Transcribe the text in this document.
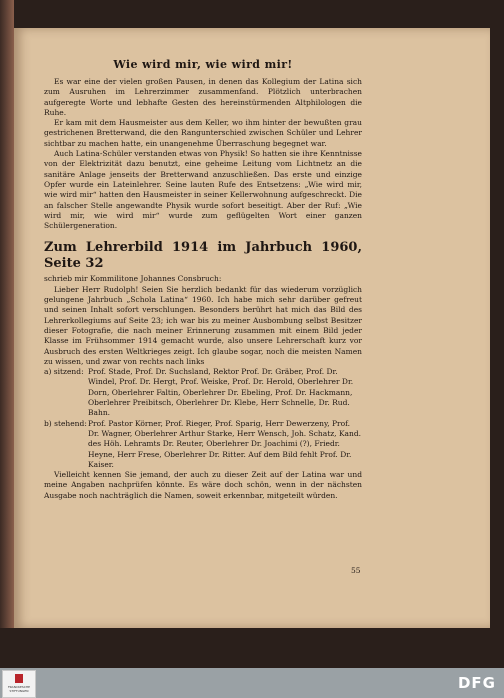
Wie wird mir, wie wird mir!

Es war eine der vielen großen Pausen, in denen das Kollegium der Latina sich zum Ausruhen im Lehrerzimmer zusammenfand. Plötzlich unterbrachen aufgeregte Worte und lebhafte Gesten des hereinstürmenden Altphilologen die Ruhe.

Er kam mit dem Hausmeister aus dem Keller, wo ihm hinter der bewußten grau gestrichenen Bretterwand, die den Rangunterschied zwischen Schüler und Lehrer sichtbar zu machen hatte, ein unangenehme Überraschung begegnet war.

Auch Latina-Schüler verstanden etwas von Physik! So hatten sie ihre Kenntnisse von der Elektrizität dazu benutzt, eine geheime Leitung vom Lichtnetz an die sanitäre Anlage jenseits der Bretterwand anzuschließen. Das erste und einzige Opfer wurde ein Lateinlehrer. Seine lauten Rufe des Entsetzens: „Wie wird mir, wie wird mir“ hatten den Hausmeister in seiner Kellerwohnung aufgeschreckt. Die an falscher Stelle angewandte Physik wurde sofort beseitigt. Aber der Ruf: „Wie wird mir, wie wird mir“ wurde zum geflügelten Wort einer ganzen Schülergeneration.

Zum Lehrerbild 1914 im Jahrbuch 1960, Seite 32

schrieb mir Kommilitone Johannes Consbruch:

Lieber Herr Rudolph! Seien Sie herzlich bedankt für das wiederum vorzüglich gelungene Jahrbuch „Schola Latina“ 1960. Ich habe mich sehr darüber gefreut und seinen Inhalt sofort verschlungen. Besonders berührt hat mich das Bild des Lehrerkollegiums auf Seite 23; ich war bis zu meiner Ausbombung selbst Besitzer dieser Fotografie, die nach meiner Erinnerung zusammen mit einem Bild jeder Klasse im Frühsommer 1914 gemacht wurde, also unsere Lehrerschaft kurz vor Ausbruch des ersten Weltkrieges zeigt. Ich glaube sogar, noch die meisten Namen zu wissen, und zwar von rechts nach links

a) sitzend: Prof. Stade, Prof. Dr. Suchsland, Rektor Prof. Dr. Gräber, Prof. Dr. Windel, Prof. Dr. Hergt, Prof. Weiske, Prof. Dr. Herold, Oberlehrer Dr. Dorn, Oberlehrer Faltin, Oberlehrer Dr. Ebeling, Prof. Dr. Hackmann, Oberlehrer Preibitsch, Oberlehrer Dr. Klebe, Herr Schnelle, Dr. Rud. Bahn.
b) stehend: Prof. Pastor Körner, Prof. Rieger, Prof. Sparig, Herr Dewerzeny, Prof. Dr. Wagner, Oberlehrer Arthur Starke, Herr Wensch, Joh. Schatz, Kand. des Höh. Lehramts Dr. Reuter, Oberlehrer Dr. Joachimi (?), Friedr. Heyne, Herr Frese, Oberlehrer Dr. Ritter. Auf dem Bild fehlt Prof. Dr. Kaiser.

Vielleicht kennen Sie jemand, der auch zu dieser Zeit auf der Latina war und meine Angaben nachprüfen könnte. Es wäre doch schön, wenn in der nächsten Ausgabe noch nachträglich die Namen, soweit erkennbar, mitgeteilt würden.

55
FRANCKESCHE STIFTUNGEN	DFG
